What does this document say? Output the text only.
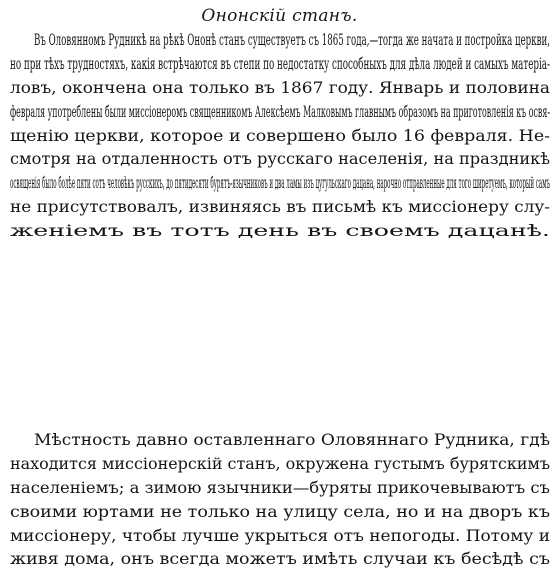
Ононскій станъ.
Въ Оловянномъ Рудникѣ на рѣкѣ Ононѣ станъ существуетъ съ 1865 года,—тогда же начата и постройка церкви,
но при тѣхъ трудностяхъ, какія встрѣчаются въ степи по недостатку способныхъ для дѣла людей и самыхъ матеріа-
ловъ, окончена она только въ 1867 году. Январь и половина
февраля употреблены были миссіонеромъ священникомъ Алексѣемъ Малковымъ главнымъ образомъ на приготовленія къ освя-
щенію церкви, которое и совершено было 16 февраля. Не-
смотря на отдаленность отъ русскаго населенія, на праздникѣ
освященія было болѣе пяти сотъ человѣкъ русскихъ, до пятидесяти бурятъ-язычниковъ и два ламы изъ цугульскаго дацана, нарочно отправленные для того ширетуемъ, который самъ
не присутствовалъ, извиняясь въ письмѣ къ миссіонеру слу-
женіемъ въ тотъ день въ своемъ дацанѣ.
Мѣстность давно оставленнаго Оловяннаго Рудника, гдѣ
находится миссіонерскій станъ, окружена густымъ бурятскимъ
населеніемъ; а зимою язычники—буряты прикочевываютъ съ
своими юртами не только на улицу села, но и на дворъ къ
миссіонеру, чтобы лучше укрыться отъ непогоды. Потому и
живя дома, онъ всегда можетъ имѣть случаи къ бесѣдѣ съ
